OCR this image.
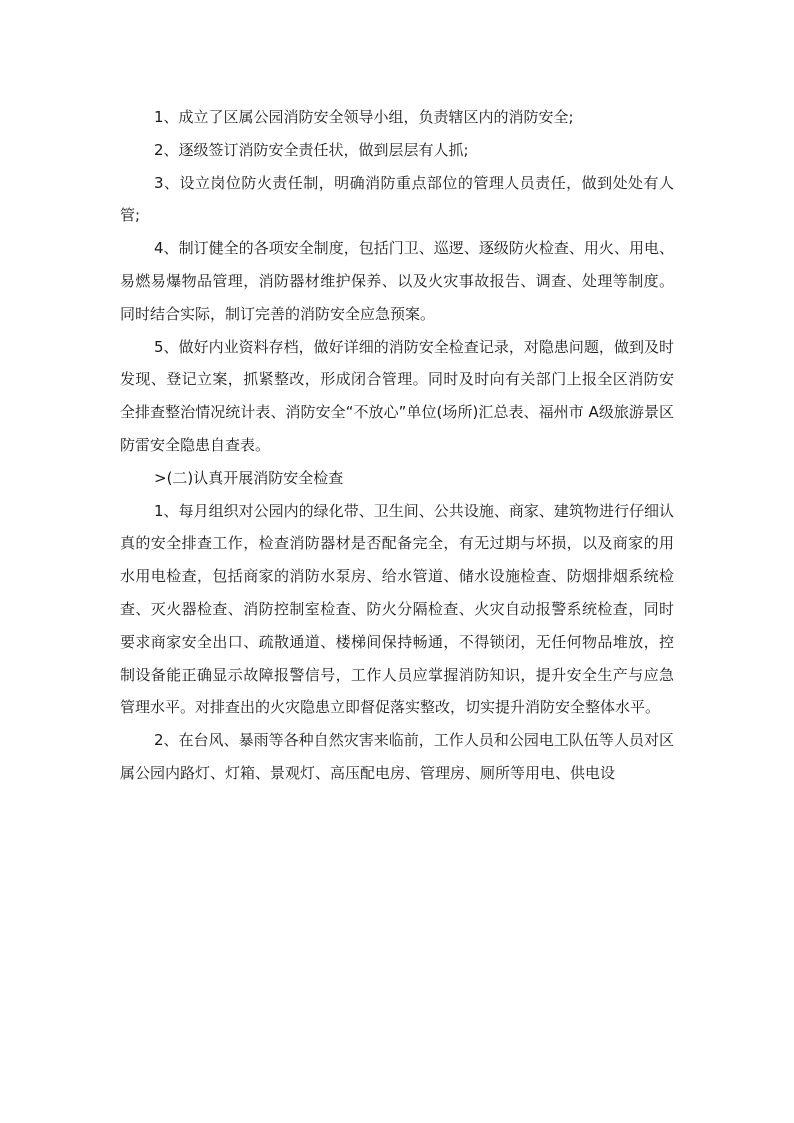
1、成立了区属公园消防安全领导小组，负责辖区内的消防安全;

2、逐级签订消防安全责任状，做到层层有人抓;

3、设立岗位防火责任制，明确消防重点部位的管理人员责任，做到处处有人管;

4、制订健全的各项安全制度，包括门卫、巡逻、逐级防火检查、用火、用电、易燃易爆物品管理，消防器材维护保养、以及火灾事故报告、调查、处理等制度。同时结合实际，制订完善的消防安全应急预案。

5、做好内业资料存档，做好详细的消防安全检查记录，对隐患问题，做到及时发现、登记立案，抓紧整改，形成闭合管理。同时及时向有关部门上报全区消防安全排查整治情况统计表、消防安全“不放心”单位(场所)汇总表、福州市 A级旅游景区防雷安全隐患自查表。

>(二)认真开展消防安全检查

1、每月组织对公园内的绿化带、卫生间、公共设施、商家、建筑物进行仔细认真的安全排查工作，检查消防器材是否配备完全，有无过期与坏损，以及商家的用水用电检查，包括商家的消防水泵房、给水管道、储水设施检查、防烟排烟系统检查、灭火器检查、消防控制室检查、防火分隔检查、火灾自动报警系统检查，同时要求商家安全出口、疏散通道、楼梯间保持畅通，不得锁闭，无任何物品堆放，控制设备能正确显示故障报警信号，工作人员应掌握消防知识，提升安全生产与应急管理水平。对排查出的火灾隐患立即督促落实整改，切实提升消防安全整体水平。

2、在台风、暴雨等各种自然灾害来临前，工作人员和公园电工队伍等人员对区属公园内路灯、灯箱、景观灯、高压配电房、管理房、厕所等用电、供电设
